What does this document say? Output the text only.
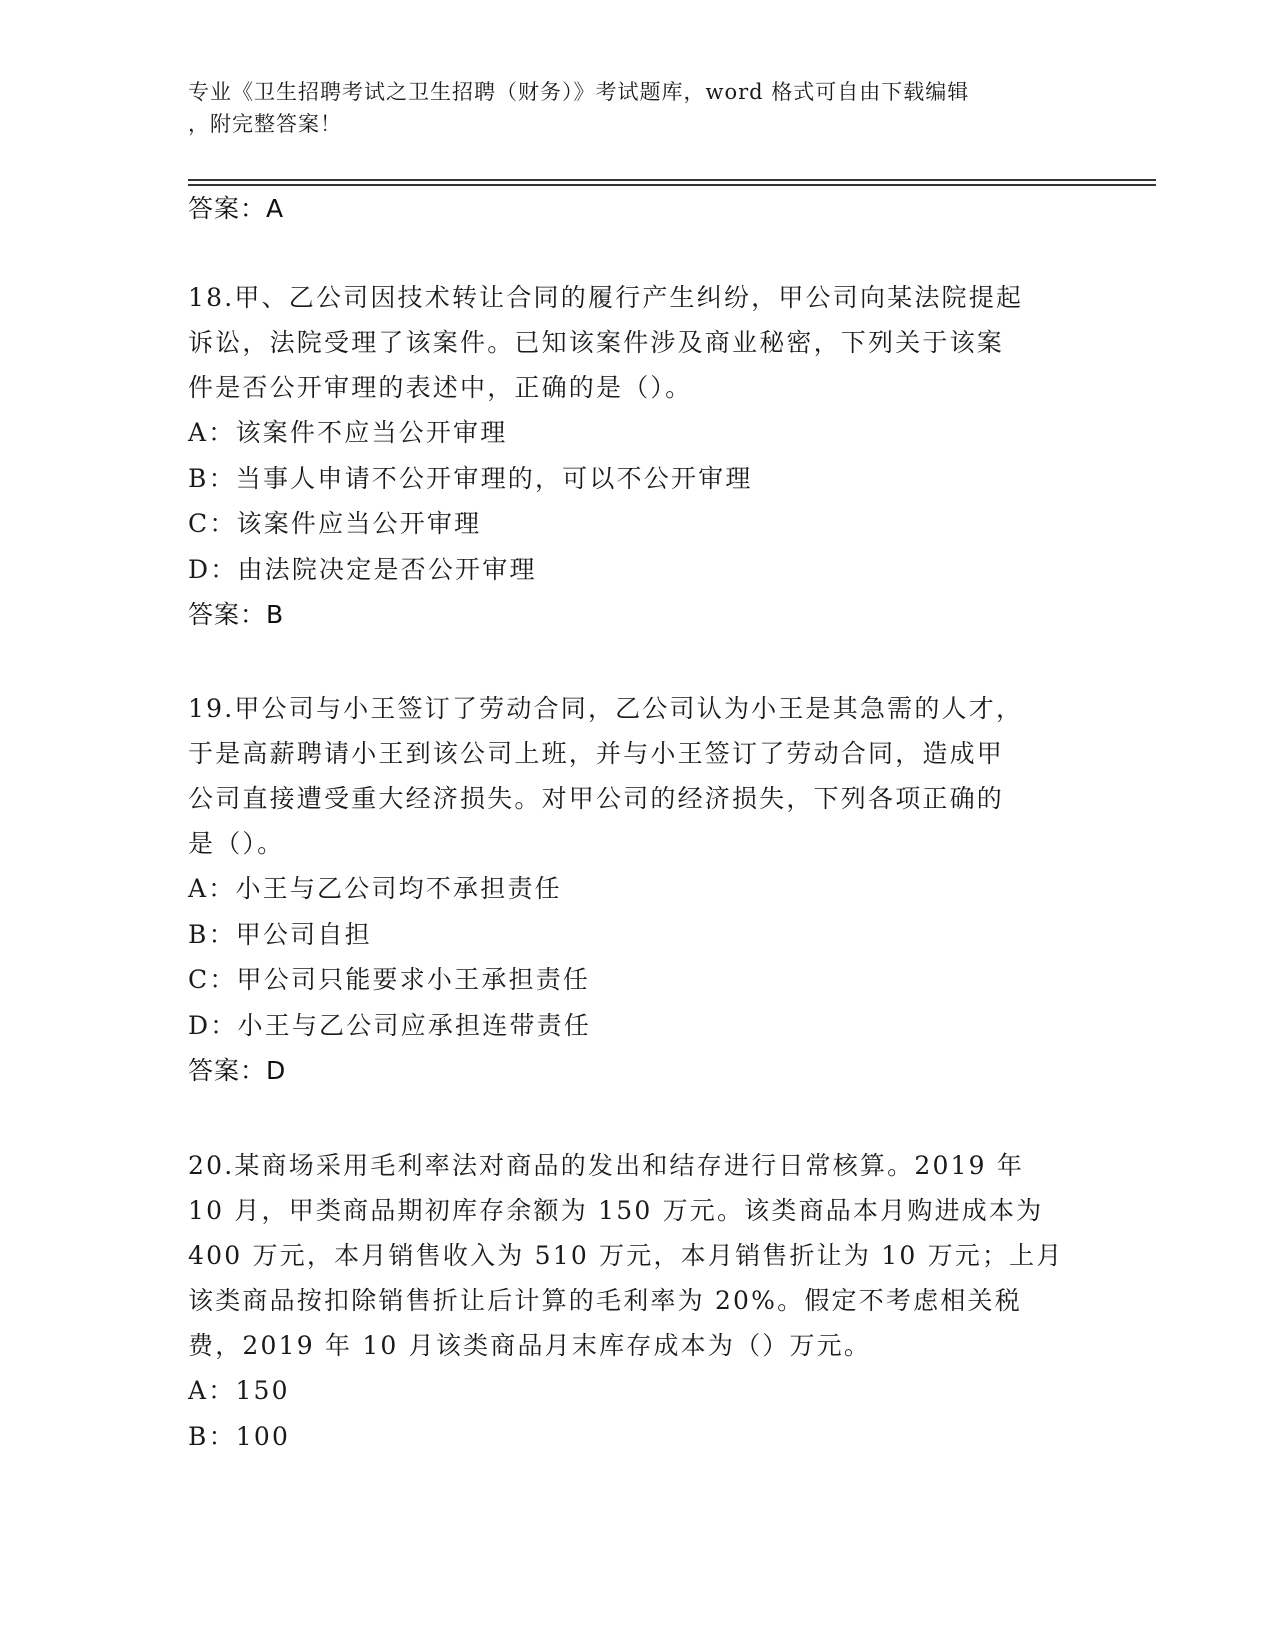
专业《卫生招聘考试之卫生招聘（财务）》考试题库，word 格式可自由下载编辑
，附完整答案！
答案：A
18.甲、乙公司因技术转让合同的履行产生纠纷，甲公司向某法院提起
诉讼，法院受理了该案件。已知该案件涉及商业秘密，下列关于该案
件是否公开审理的表述中，正确的是（）。
A：该案件不应当公开审理
B：当事人申请不公开审理的，可以不公开审理
C：该案件应当公开审理
D：由法院决定是否公开审理
答案：B
19.甲公司与小王签订了劳动合同，乙公司认为小王是其急需的人才，
于是高薪聘请小王到该公司上班，并与小王签订了劳动合同，造成甲
公司直接遭受重大经济损失。对甲公司的经济损失，下列各项正确的
是（）。
A：小王与乙公司均不承担责任
B：甲公司自担
C：甲公司只能要求小王承担责任
D：小王与乙公司应承担连带责任
答案：D
20.某商场采用毛利率法对商品的发出和结存进行日常核算。2019 年
10 月，甲类商品期初库存余额为 150 万元。该类商品本月购进成本为
400 万元，本月销售收入为 510 万元，本月销售折让为 10 万元；上月
该类商品按扣除销售折让后计算的毛利率为 20%。假定不考虑相关税
费，2019 年 10 月该类商品月末库存成本为（）万元。
A：150
B：100
